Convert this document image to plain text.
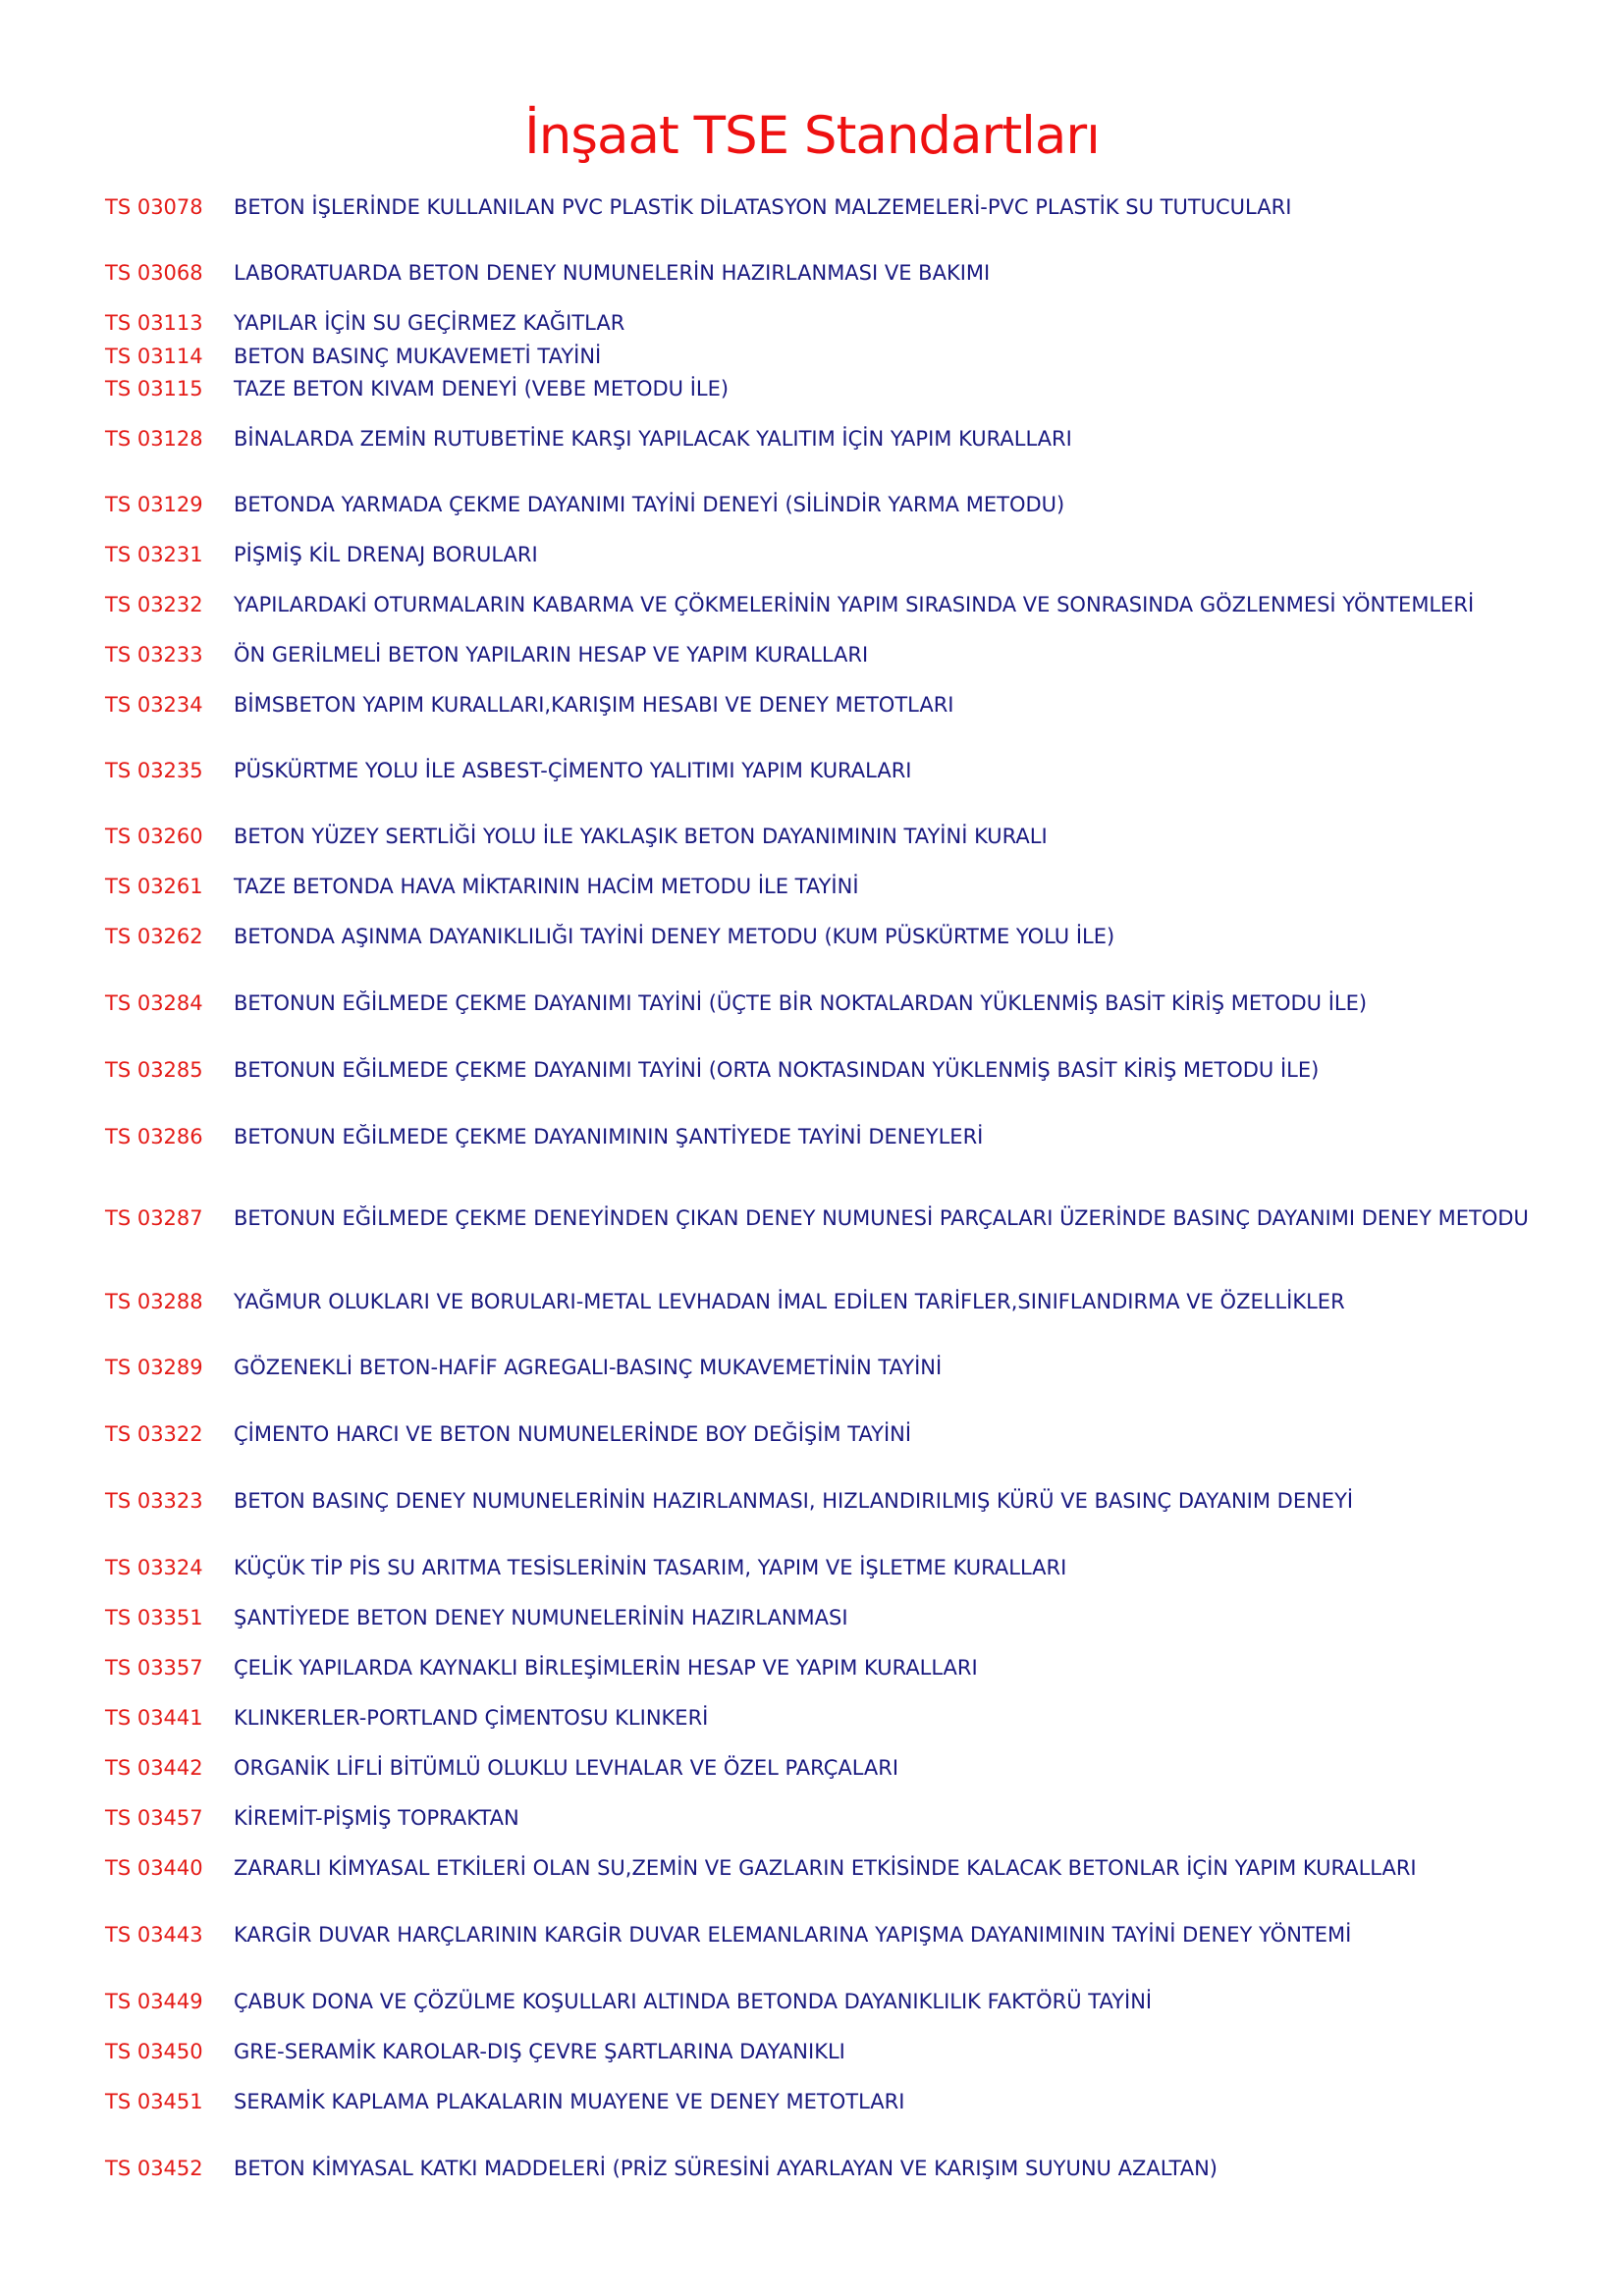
İnşaat TSE Standartları
TS 03078	BETON İŞLERİNDE KULLANILAN PVC PLASTİK DİLATASYON MALZEMELERİ-PVC PLASTİK SU TUTUCULARI
TS 03068	LABORATUARDA BETON DENEY NUMUNELERİN HAZIRLANMASI VE BAKIMI
TS 03113	YAPILAR İÇİN SU GEÇİRMEZ KAĞITLAR
TS 03114	BETON BASINÇ MUKAVEMETİ TAYİNİ
TS 03115	TAZE BETON KIVAM DENEYİ (VEBE METODU İLE)
TS 03128	BİNALARDA ZEMİN RUTUBETİNE KARŞI YAPILACAK YALITIM İÇİN YAPIM KURALLARI
TS 03129	BETONDA YARMADA ÇEKME DAYANIMI TAYİNİ DENEYİ (SİLİNDİR YARMA METODU)
TS 03231	PİŞMİŞ KİL DRENAJ BORULARI
TS 03232	YAPILARDAKİ OTURMALARIN KABARMA VE ÇÖKMELERİNİN YAPIM SIRASINDA VE SONRASINDA GÖZLENMESİ YÖNTEMLERİ
TS 03233	ÖN GERİLMELİ BETON YAPILARIN HESAP VE YAPIM KURALLARI
TS 03234	BİMSBETON YAPIM KURALLARI,KARIŞIM HESABI VE DENEY METOTLARI
TS 03235	PÜSKÜRTME YOLU İLE ASBEST-ÇİMENTO YALITIMI YAPIM KURALARI
TS 03260	BETON YÜZEY SERTLİĞİ YOLU İLE YAKLAŞIK BETON DAYANIMININ TAYİNİ KURALI
TS 03261	TAZE BETONDA HAVA MİKTARININ HACİM METODU İLE TAYİNİ
TS 03262	BETONDA AŞINMA DAYANIKLILIĞI TAYİNİ DENEY METODU (KUM PÜSKÜRTME YOLU İLE)
TS 03284	BETONUN EĞİLMEDE ÇEKME DAYANIMI TAYİNİ (ÜÇTE BİR NOKTALARDAN YÜKLENMİŞ BASİT KİRİŞ METODU İLE)
TS 03285	BETONUN EĞİLMEDE ÇEKME DAYANIMI TAYİNİ (ORTA NOKTASINDAN YÜKLENMİŞ BASİT KİRİŞ METODU İLE)
TS 03286	BETONUN EĞİLMEDE ÇEKME DAYANIMININ ŞANTİYEDE TAYİNİ DENEYLERİ
TS 03287	BETONUN EĞİLMEDE ÇEKME DENEYİNDEN ÇIKAN DENEY NUMUNESİ PARÇALARI ÜZERİNDE BASINÇ DAYANIMI DENEY METODU
TS 03288	YAĞMUR OLUKLARI VE BORULARI-METAL LEVHADAN İMAL EDİLEN TARİFLER,SINIFLANDIRMA VE ÖZELLİKLER
TS 03289	GÖZENEKLİ BETON-HAFİF AGREGALI-BASINÇ MUKAVEMETİNİN TAYİNİ
TS 03322	ÇİMENTO HARCI VE BETON NUMUNELERİNDE BOY DEĞİŞİM TAYİNİ
TS 03323	BETON BASINÇ DENEY NUMUNELERİNİN HAZIRLANMASI, HIZLANDIRILMIŞ KÜRÜ VE BASINÇ DAYANIM DENEYİ
TS 03324	KÜÇÜK TİP PİS SU ARITMA TESİSLERİNİN TASARIM, YAPIM VE İŞLETME KURALLARI
TS 03351	ŞANTİYEDE BETON DENEY NUMUNELERİNİN HAZIRLANMASI
TS 03357	ÇELİK YAPILARDA KAYNAKLI BİRLEŞİMLERİN HESAP VE YAPIM KURALLARI
TS 03441	KLINKERLER-PORTLAND ÇİMENTOSU KLINKERİ
TS 03442	ORGANİK LİFLİ BİTÜMLÜ OLUKLU LEVHALAR VE ÖZEL PARÇALARI
TS 03457	KİREMİT-PİŞMİŞ TOPRAKTAN
TS 03440	ZARARLI KİMYASAL ETKİLERİ OLAN SU,ZEMİN VE GAZLARIN ETKİSİNDE KALACAK BETONLAR İÇİN YAPIM KURALLARI
TS 03443	KARGİR DUVAR HARÇLARININ KARGİR DUVAR ELEMANLARINA YAPIŞMA DAYANIMININ TAYİNİ DENEY YÖNTEMİ
TS 03449	ÇABUK DONA VE ÇÖZÜLME KOŞULLARI ALTINDA BETONDA DAYANIKLILIK FAKTÖRÜ TAYİNİ
TS 03450	GRE-SERAMİK KAROLAR-DIŞ ÇEVRE ŞARTLARINA DAYANIKLI
TS 03451	SERAMİK KAPLAMA PLAKALARIN MUAYENE VE DENEY METOTLARI
TS 03452	BETON KİMYASAL KATKI MADDELERİ (PRİZ SÜRESİNİ AYARLAYAN VE KARIŞIM SUYUNU AZALTAN)
